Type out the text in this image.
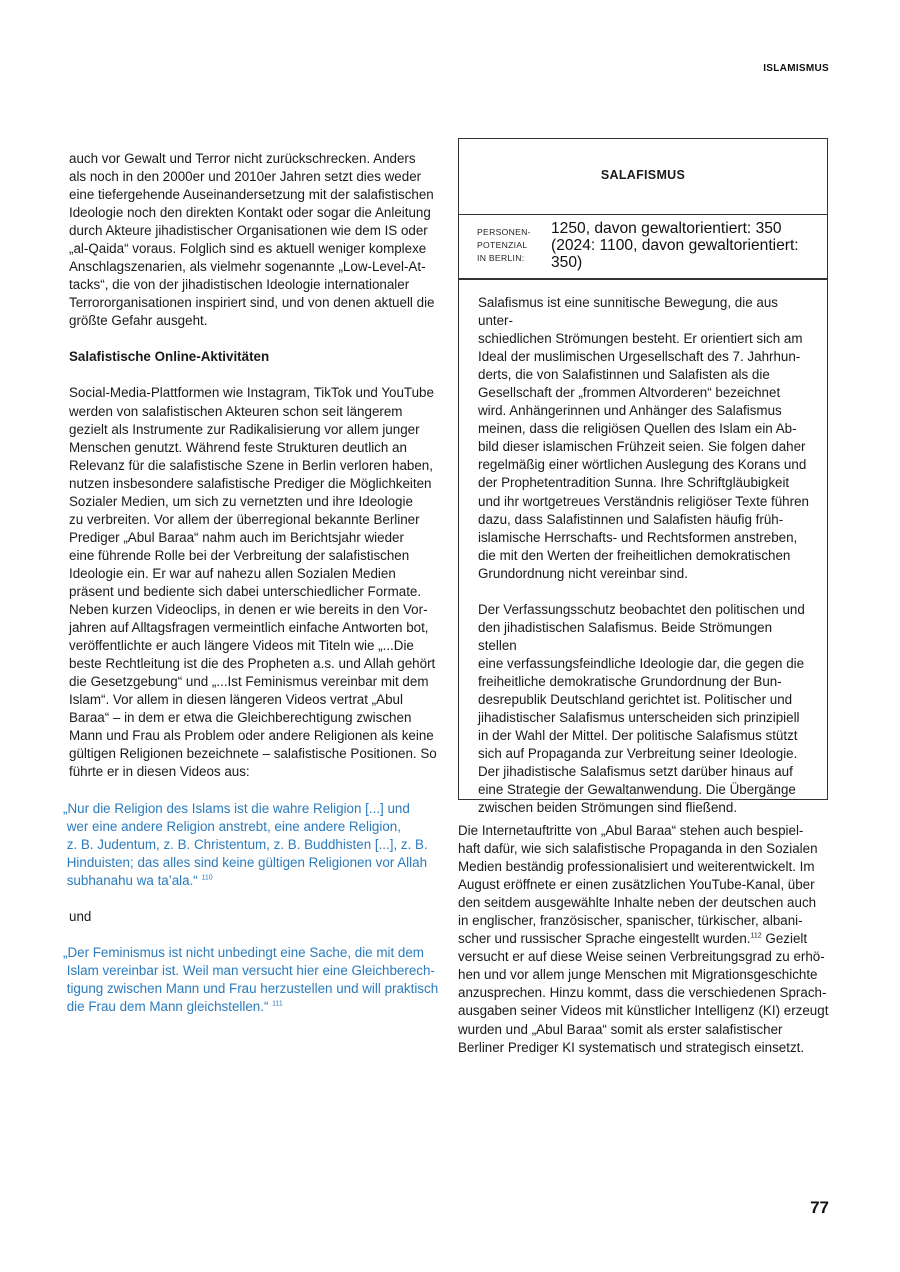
ISLAMISMUS

auch vor Gewalt und Terror nicht zurückschrecken. Anders
als noch in den 2000er und 2010er Jahren setzt dies weder
eine tiefergehende Auseinandersetzung mit der salafistischen
Ideologie noch den direkten Kontakt oder sogar die Anleitung
durch Akteure jihadistischer Organisationen wie dem IS oder
„al-Qaida“ voraus. Folglich sind es aktuell weniger komplexe
Anschlagszenarien, als vielmehr sogenannte „Low-Level-At-
tacks“, die von der jihadistischen Ideologie internationaler
Terrororganisationen inspiriert sind, und von denen aktuell die
größte Gefahr ausgeht.

Salafistische Online-Aktivitäten

Social-Media-Plattformen wie Instagram, TikTok und YouTube
werden von salafistischen Akteuren schon seit längerem
gezielt als Instrumente zur Radikalisierung vor allem junger
Menschen genutzt. Während feste Strukturen deutlich an
Relevanz für die salafistische Szene in Berlin verloren haben,
nutzen insbesondere salafistische Prediger die Möglichkeiten
Sozialer Medien, um sich zu vernetzten und ihre Ideologie
zu verbreiten. Vor allem der überregional bekannte Berliner
Prediger „Abul Baraa“ nahm auch im Berichtsjahr wieder
eine führende Rolle bei der Verbreitung der salafistischen
Ideologie ein. Er war auf nahezu allen Sozialen Medien
präsent und bediente sich dabei unterschiedlicher Formate.
Neben kurzen Videoclips, in denen er wie bereits in den Vor-
jahren auf Alltagsfragen vermeintlich einfache Antworten bot,
veröffentlichte er auch längere Videos mit Titeln wie „...Die
beste Rechtleitung ist die des Propheten a.s. und Allah gehört
die Gesetzgebung“ und „...Ist Feminismus vereinbar mit dem
Islam“. Vor allem in diesen längeren Videos vertrat „Abul
Baraa“ – in dem er etwa die Gleichberechtigung zwischen
Mann und Frau als Problem oder andere Religionen als keine
gültigen Religionen bezeichnete – salafistische Positionen. So
führte er in diesen Videos aus:

„Nur die Religion des Islams ist die wahre Religion [...] und
wer eine andere Religion anstrebt, eine andere Religion,
z. B. Judentum, z. B. Christentum, z. B. Buddhisten [...], z. B.
Hinduisten; das alles sind keine gültigen Religionen vor Allah
subhanahu wa ta’ala.“ $^{110}$

und

„Der Feminismus ist nicht unbedingt eine Sache, die mit dem
Islam vereinbar ist. Weil man versucht hier eine Gleichberech-
tigung zwischen Mann und Frau herzustellen und will praktisch
die Frau dem Mann gleichstellen.“ $^{111}$

SALAFISMUS
PERSONEN-
POTENZIAL
IN BERLIN:
1250, davon gewaltorientiert: 350
(2024: 1100, davon gewaltorientiert:
350)

Salafismus ist eine sunnitische Bewegung, die aus unter-
schiedlichen Strömungen besteht. Er orientiert sich am
Ideal der muslimischen Urgesellschaft des 7. Jahrhun-
derts, die von Salafistinnen und Salafisten als die
Gesellschaft der „frommen Altvorderen“ bezeichnet
wird. Anhängerinnen und Anhänger des Salafismus
meinen, dass die religiösen Quellen des Islam ein Ab-
bild dieser islamischen Frühzeit seien. Sie folgen daher
regelmäßig einer wörtlichen Auslegung des Korans und
der Prophetentradition Sunna. Ihre Schriftgläubigkeit
und ihr wortgetreues Verständnis religiöser Texte führen
dazu, dass Salafistinnen und Salafisten häufig früh-
islamische Herrschafts- und Rechtsformen anstreben,
die mit den Werten der freiheitlichen demokratischen
Grundordnung nicht vereinbar sind.

Der Verfassungsschutz beobachtet den politischen und
den jihadistischen Salafismus. Beide Strömungen stellen
eine verfassungsfeindliche Ideologie dar, die gegen die
freiheitliche demokratische Grundordnung der Bun-
desrepublik Deutschland gerichtet ist. Politischer und
jihadistischer Salafismus unterscheiden sich prinzipiell
in der Wahl der Mittel. Der politische Salafismus stützt
sich auf Propaganda zur Verbreitung seiner Ideologie.
Der jihadistische Salafismus setzt darüber hinaus auf
eine Strategie der Gewaltanwendung. Die Übergänge
zwischen beiden Strömungen sind fließend.

Die Internetauftritte von „Abul Baraa“ stehen auch bespiel-
haft dafür, wie sich salafistische Propaganda in den Sozialen
Medien beständig professionalisiert und weiterentwickelt. Im
August eröffnete er einen zusätzlichen YouTube-Kanal, über
den seitdem ausgewählte Inhalte neben der deutschen auch
in englischer, französischer, spanischer, türkischer, albani-
scher und russischer Sprache eingestellt wurden.$^{112}$ Gezielt
versucht er auf diese Weise seinen Verbreitungsgrad zu erhö-
hen und vor allem junge Menschen mit Migrationsgeschichte
anzusprechen. Hinzu kommt, dass die verschiedenen Sprach-
ausgaben seiner Videos mit künstlicher Intelligenz (KI) erzeugt
wurden und „Abul Baraa“ somit als erster salafistischer
Berliner Prediger KI systematisch und strategisch einsetzt.

77
